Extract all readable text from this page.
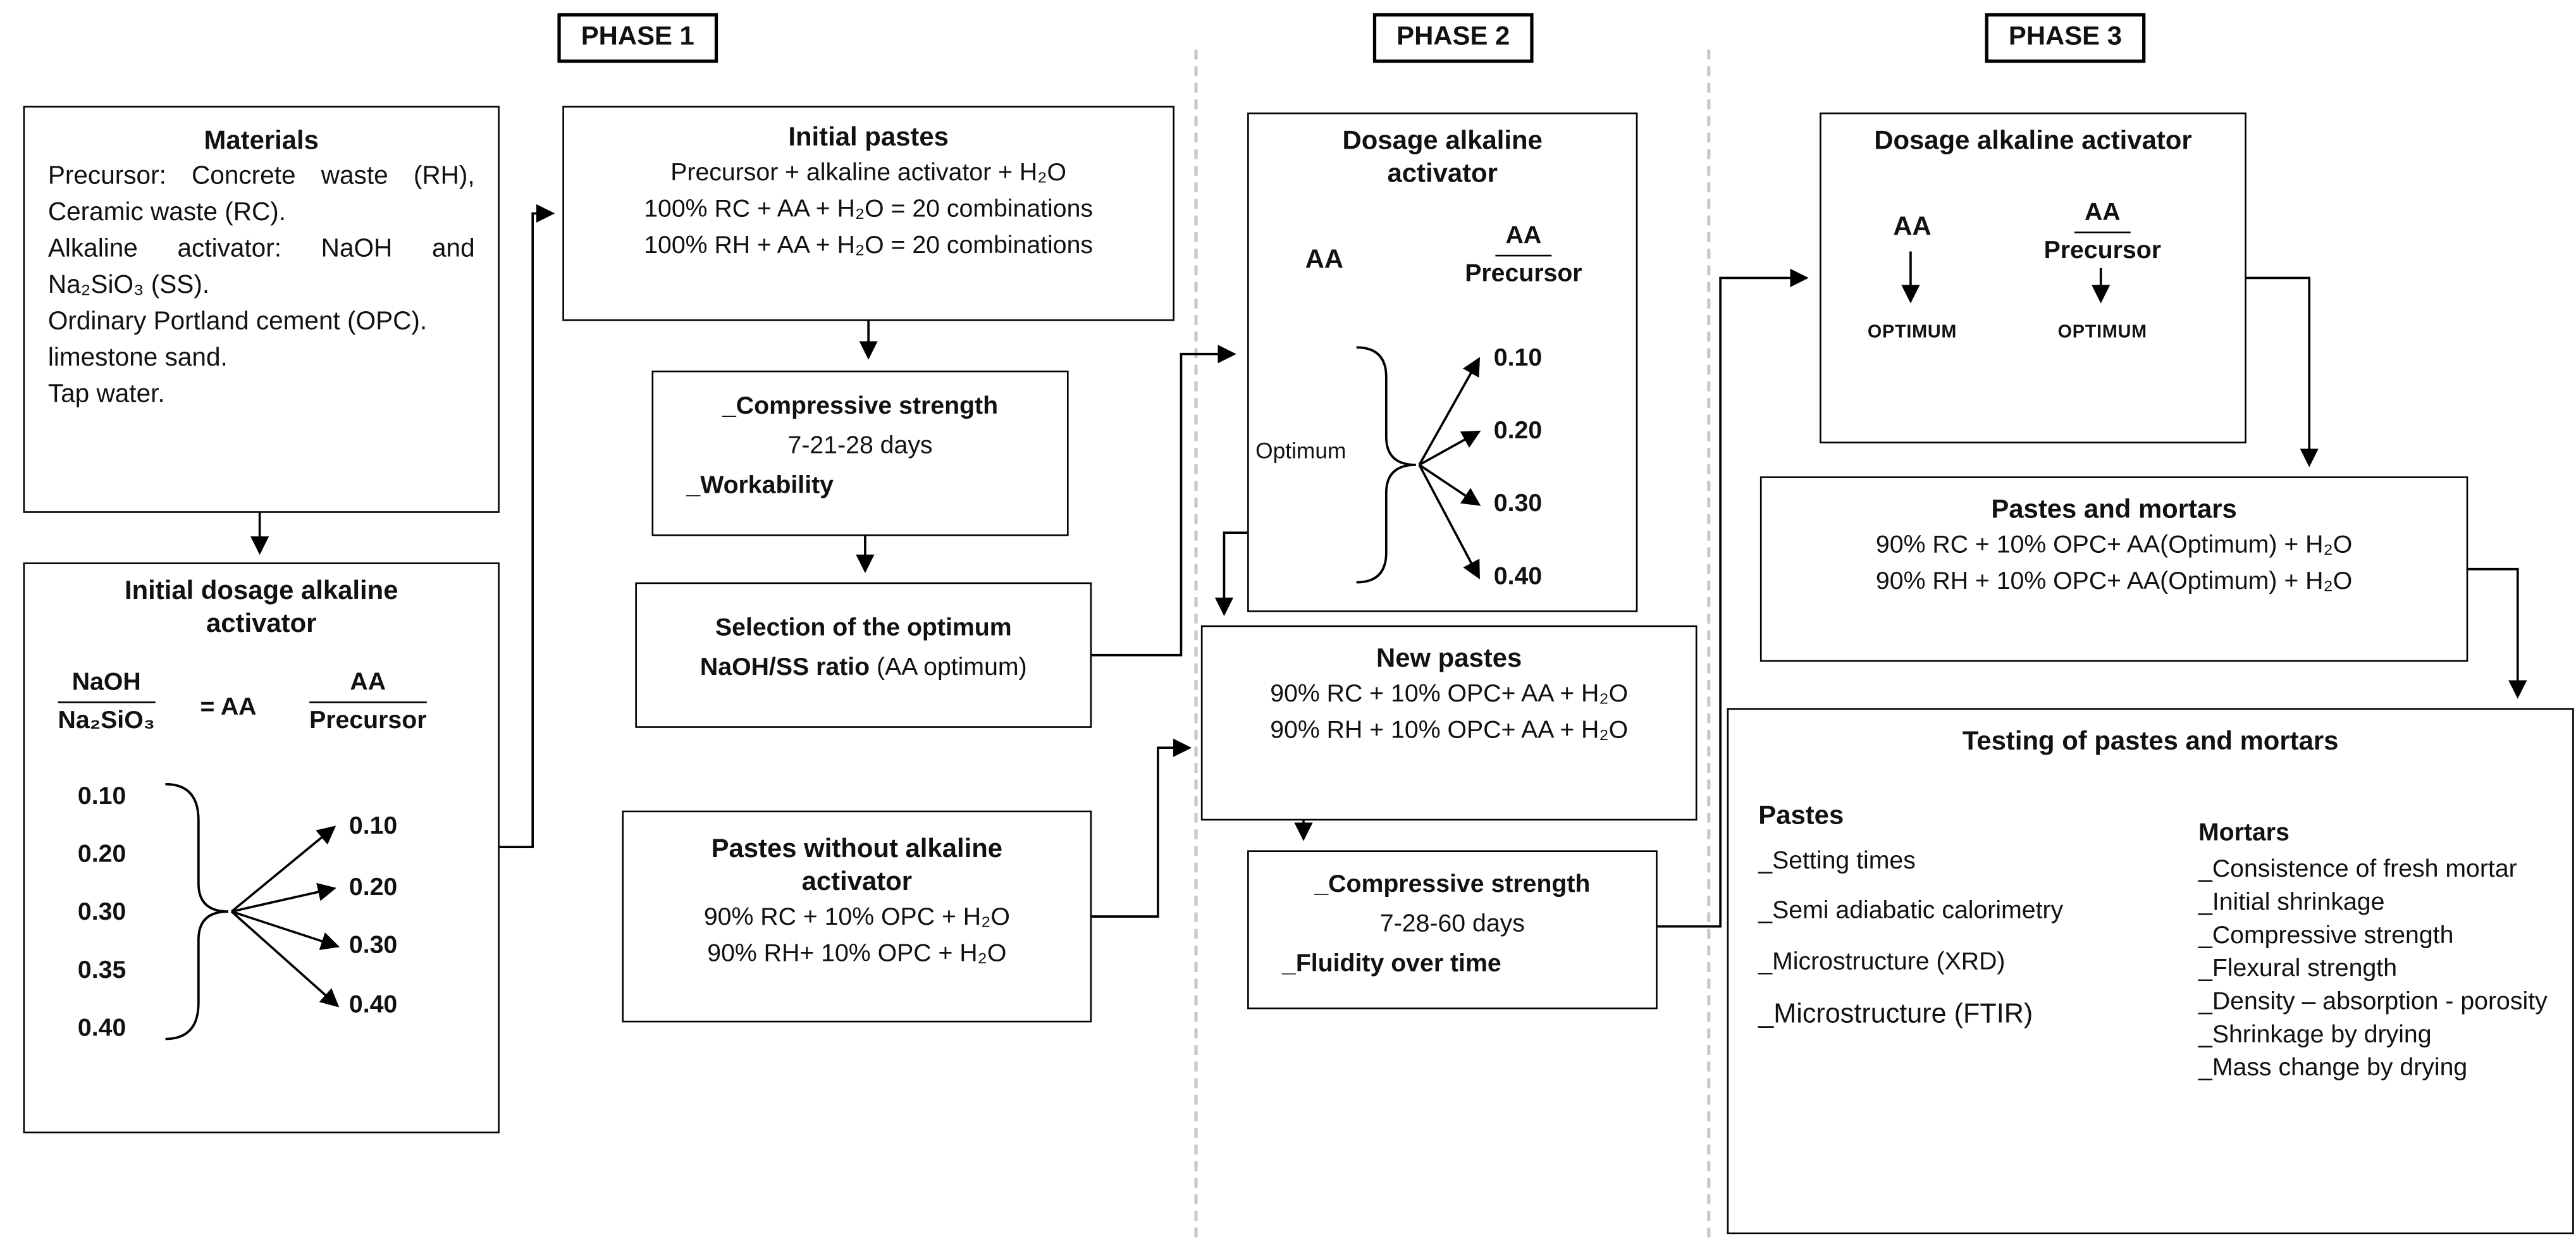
PHASE 1	PHASE 2	PHASE 3
Materials
Precursor: Concrete waste (RH), Ceramic waste (RC).
Alkaline activator: NaOH and Na₂SiO₃ (SS).
Ordinary Portland cement (OPC).
limestone sand.
Tap water.
Initial dosage alkaline activator
NaOH
Na₂SiO₃	= AA
AA
Precursor
0.10
0.20
0.30
0.35
0.40
0.10
0.20
0.30
0.40
Initial pastes
Precursor + alkaline activator + H₂O
100% RC + AA + H₂O = 20 combinations
100% RH + AA + H₂O = 20 combinations
_Compressive strength
7-21-28 days
_Workability
Selection of the optimum
NaOH/SS ratio (AA optimum)
Pastes without alkaline activator
90% RC + 10% OPC + H₂O
90% RH+ 10% OPC + H₂O
Dosage alkaline activator
AA
AA
Precursor
Optimum
0.10
0.20
0.30
0.40
New pastes
90% RC + 10% OPC+ AA + H₂O
90% RH + 10% OPC+ AA + H₂O
_Compressive strength
7-28-60 days
_Fluidity over time
Dosage alkaline activator
AA
AA
Precursor
OPTIMUM	OPTIMUM
Pastes and mortars
90% RC + 10% OPC+ AA(Optimum) + H₂O
90% RH + 10% OPC+ AA(Optimum) + H₂O
Testing of pastes and mortars
Pastes
_Setting times
_Semi adiabatic calorimetry
_Microstructure (XRD)
_Microstructure (FTIR)
Mortars
_Consistence of fresh mortar
_Initial shrinkage
_Compressive strength
_Flexural strength
_Density – absorption - porosity
_Shrinkage by drying
_Mass change by drying
